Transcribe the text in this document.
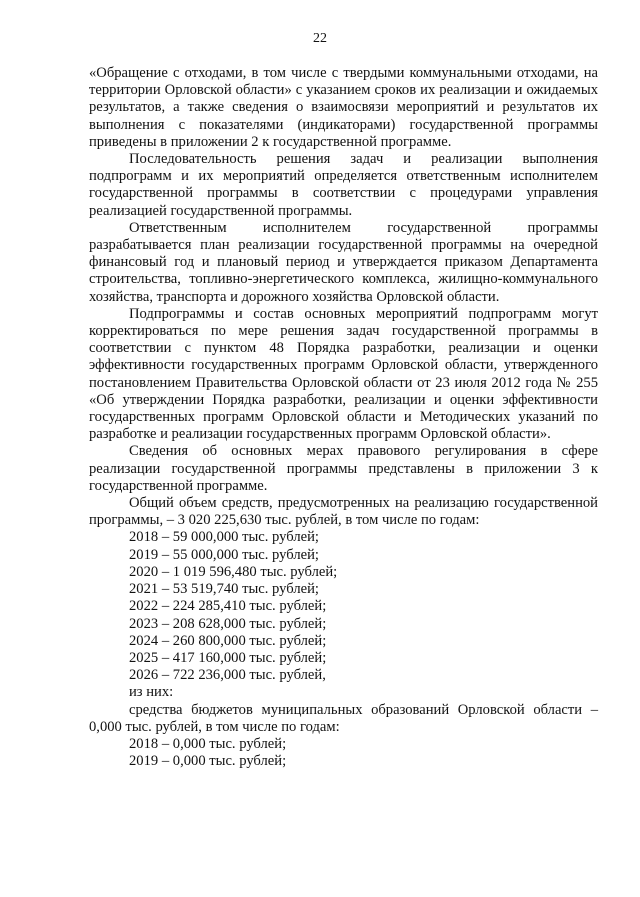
22

«Обращение с отходами, в том числе с твердыми коммунальными отходами, на территории Орловской области» с указанием сроков их реализации и ожидаемых результатов, а также сведения о взаимосвязи мероприятий и результатов их выполнения с показателями (индикаторами) государственной программы приведены в приложении 2 к государственной программе.

Последовательность решения задач и реализации выполнения подпрограмм и их мероприятий определяется ответственным исполнителем государственной программы в соответствии с процедурами управления реализацией государственной программы.

Ответственным исполнителем государственной программы разрабатывается план реализации государственной программы на очередной финансовый год и плановый период и утверждается приказом Департамента строительства, топливно-энергетического комплекса, жилищно-коммунального хозяйства, транспорта и дорожного хозяйства Орловской области.

Подпрограммы и состав основных мероприятий подпрограмм могут корректироваться по мере решения задач государственной программы в соответствии с пунктом 48 Порядка разработки, реализации и оценки эффективности государственных программ Орловской области, утвержденного постановлением Правительства Орловской области от 23 июля 2012 года № 255 «Об утверждении Порядка разработки, реализации и оценки эффективности государственных программ Орловской области и Методических указаний по разработке и реализации государственных программ Орловской области».

Сведения об основных мерах правового регулирования в сфере реализации государственной программы представлены в приложении 3 к государственной программе.

Общий объем средств, предусмотренных на реализацию государственной программы, – 3 020 225,630 тыс. рублей, в том числе по годам:

2018 – 59 000,000 тыс. рублей;
2019 – 55 000,000 тыс. рублей;
2020 – 1 019 596,480 тыс. рублей;
2021 – 53 519,740 тыс. рублей;
2022 – 224 285,410 тыс. рублей;
2023 – 208 628,000 тыс. рублей;
2024 – 260 800,000 тыс. рублей;
2025 – 417 160,000 тыс. рублей;
2026 – 722 236,000 тыс. рублей,
из них:

средства бюджетов муниципальных образований Орловской области – 0,000 тыс. рублей, в том числе по годам:

2018 – 0,000 тыс. рублей;
2019 – 0,000 тыс. рублей;
